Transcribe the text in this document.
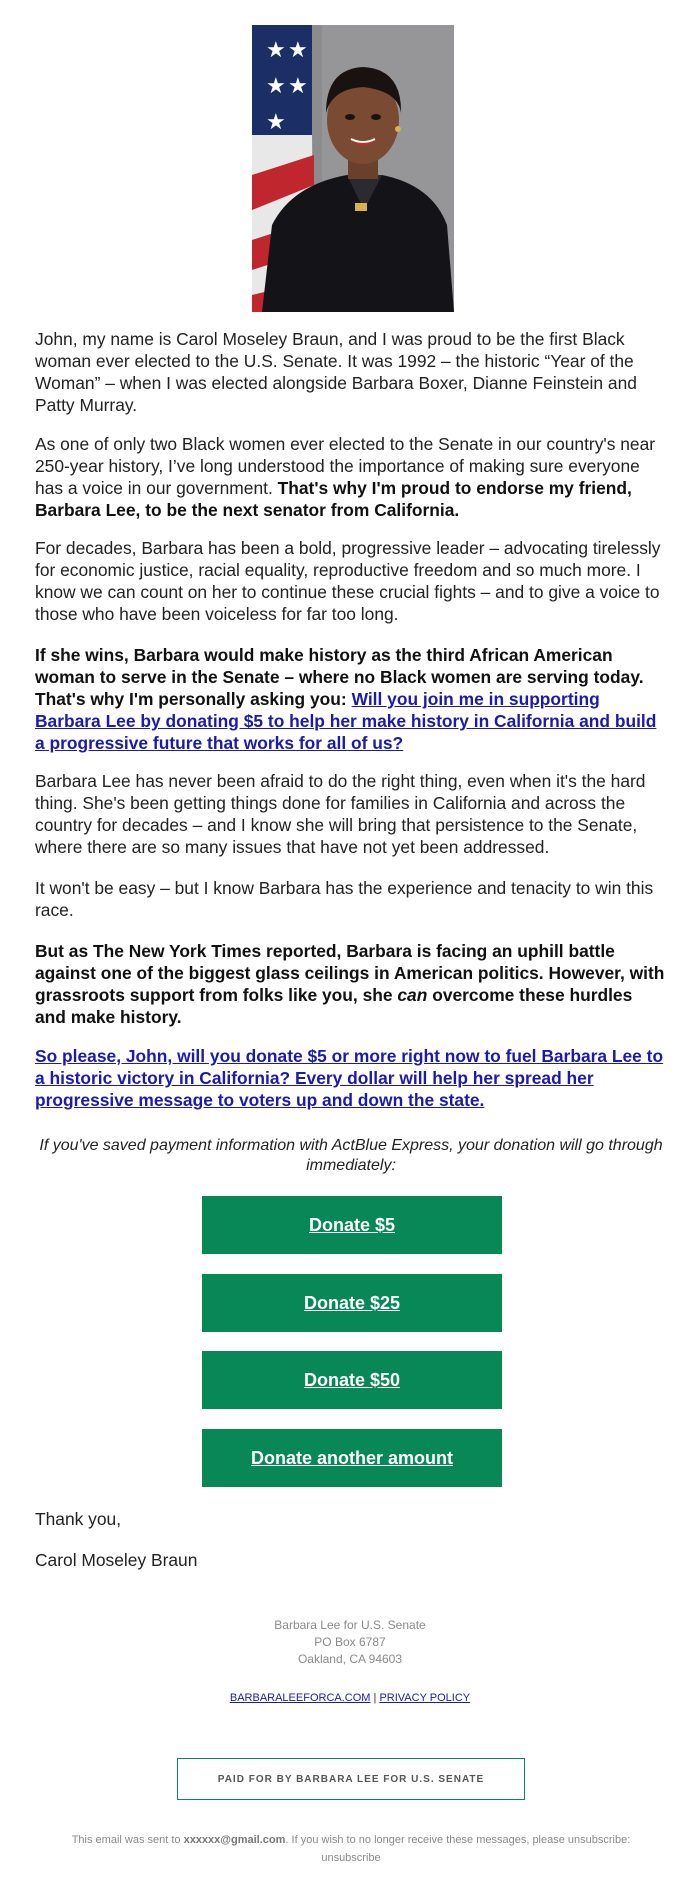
★ ★
★ ★
★

John, my name is Carol Moseley Braun, and I was proud to be the first Black woman ever elected to the U.S. Senate. It was 1992 – the historic “Year of the Woman” – when I was elected alongside Barbara Boxer, Dianne Feinstein and Patty Murray.

As one of only two Black women ever elected to the Senate in our country's near 250-year history, I’ve long understood the importance of making sure everyone has a voice in our government. That's why I'm proud to endorse my friend, Barbara Lee, to be the next senator from California.

For decades, Barbara has been a bold, progressive leader – advocating tirelessly for economic justice, racial equality, reproductive freedom and so much more. I know we can count on her to continue these crucial fights – and to give a voice to those who have been voiceless for far too long.

If she wins, Barbara would make history as the third African American woman to serve in the Senate – where no Black women are serving today. That's why I'm personally asking you: Will you join me in supporting Barbara Lee by donating $5 to help her make history in California and build a progressive future that works for all of us?

Barbara Lee has never been afraid to do the right thing, even when it's the hard thing. She's been getting things done for families in California and across the country for decades – and I know she will bring that persistence to the Senate, where there are so many issues that have not yet been addressed.

It won't be easy – but I know Barbara has the experience and tenacity to win this race.

But as The New York Times reported, Barbara is facing an uphill battle against one of the biggest glass ceilings in American politics. However, with grassroots support from folks like you, she can overcome these hurdles and make history.

So please, John, will you donate $5 or more right now to fuel Barbara Lee to a historic victory in California? Every dollar will help her spread her progressive message to voters up and down the state.

If you've saved payment information with ActBlue Express, your donation will go through immediately:
Donate $5
Donate $25
Donate $50
Donate another amount
Thank you,
Carol Moseley Braun
Barbara Lee for U.S. Senate
PO Box 6787
Oakland, CA 94603
BARBARALEEFORCA.COM | PRIVACY POLICY
PAID FOR BY BARBARA LEE FOR U.S. SENATE
This email was sent to xxxxxx@gmail.com. If you wish to no longer receive these messages, please unsubscribe:
unsubscribe
